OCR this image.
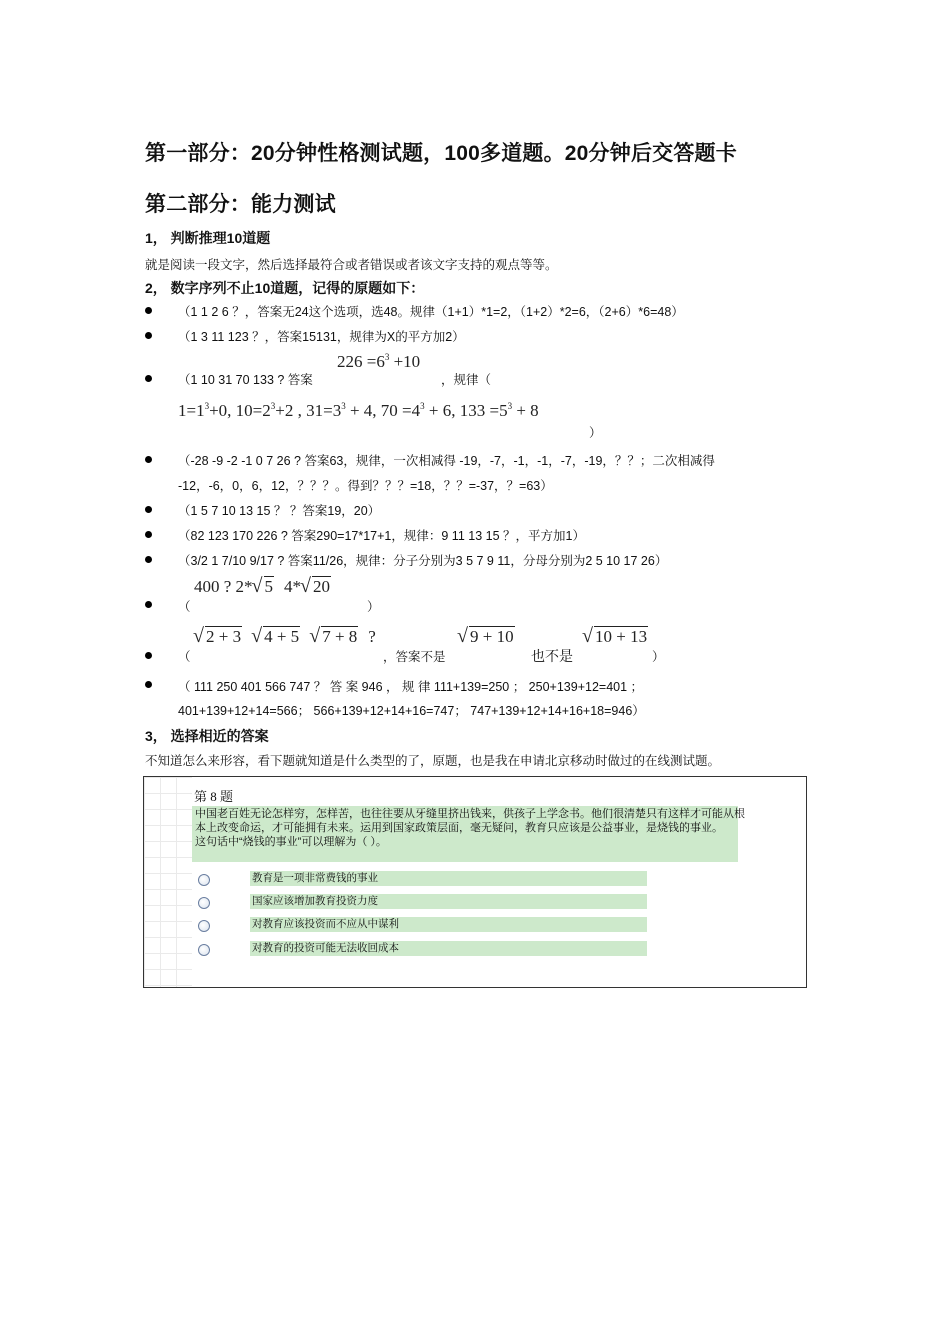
第一部分：20分钟性格测试题，100多道题。20分钟后交答题卡
第二部分：能力测试
1， 判断推理10道题
就是阅读一段文字，然后选择最符合或者错误或者该文字支持的观点等等。
2， 数字序列不止10道题，记得的原题如下：
（1 1 2 6 ？，答案无24这个选项，选48。规律（1+1）*1=2，（1+2）*2=6，（2+6）*6=48）
（1 3 11 123 ？，答案15131，规律为X的平方加2）
（1 10 31 70 133 ? 答案
$226 =6^3 +10$
，规律（
$1=1^3+0$, $10=2^3+2$ , $31=3^3 + 4$, $70 =4^3 + 6$, $133 =5^3 + 8$
）
（-28 -9 -2 -1 0 7 26 ? 答案63，规律，一次相减得 -19，-7，-1，-1，-7，-19，？？；二次相减得
-12，-6，0，6，12，？？？。得到？？？=18，？？=-37，？=63）
（1 5 7 10 13 15 ？ ？答案19，20）
（82 123 170 226 ? 答案290=17*17+1，规律：9 11 13 15 ？，平方加1）
（3/2 1 7/10 9/17 ? 答案11/26，规律：分子分别为3 5 7 9 11，分母分别为2 5 10 17 26）
（
400 ? 2* √ 5 4* √ 20
）
（
√ 2 + 3 √ 4 + 5 √ 7 + 8 ?
，答案不是
√ 9 + 10
也不是
√ 10 + 13
）
（ 111 250 401 566 747 ？ 答 案 946 ， 规 律 111+139=250 ； 250+139+12=401 ；
401+139+12+14=566； 566+139+12+14+16=747； 747+139+12+14+16+18=946）
3， 选择相近的答案
不知道怎么来形容，看下题就知道是什么类型的了，原题，也是我在申请北京移动时做过的在线测试题。
第 8 题
中国老百姓无论怎样穷，怎样苦，也往往要从牙缝里挤出钱来，供孩子上学念书。他们很清楚只有这样才可能从根本上改变命运，才可能拥有未来。运用到国家政策层面，毫无疑问，教育只应该是公益事业，是烧钱的事业。
这句话中“烧钱的事业”可以理解为（ ）。
教育是一项非常费钱的事业
国家应该增加教育投资力度
对教育应该投资而不应从中谋利
对教育的投资可能无法收回成本
